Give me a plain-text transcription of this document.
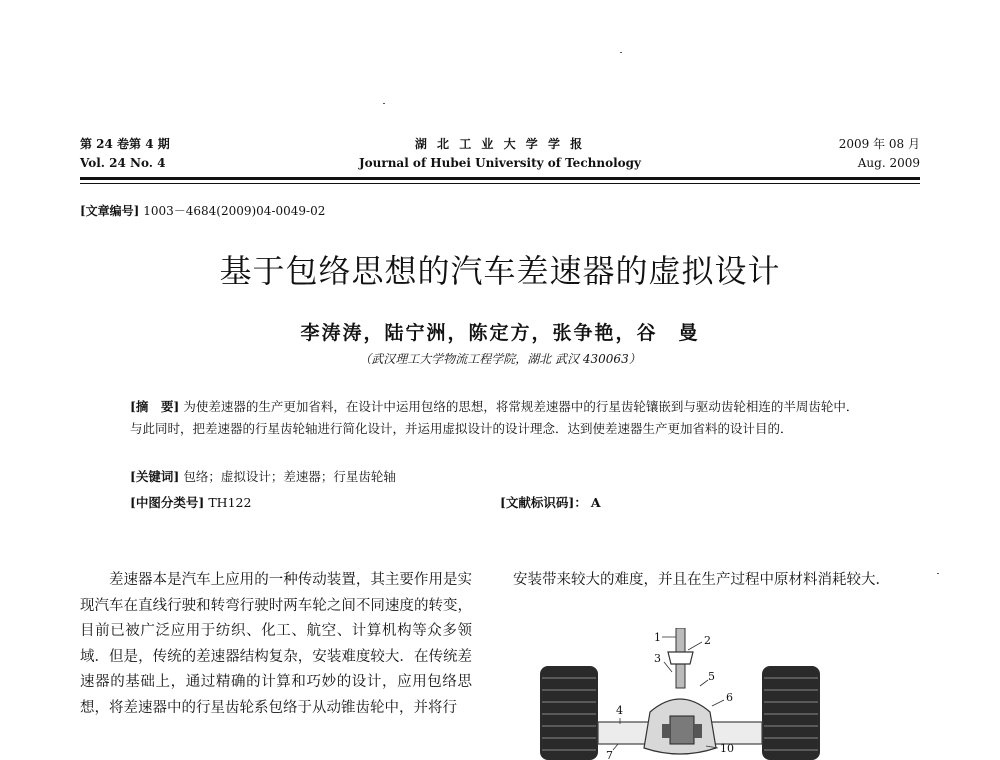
第 24 卷第 4 期
Vol. 24 No. 4
湖 北 工 业 大 学 学 报
Journal of Hubei University of Technology
2009 年 08 月
Aug. 2009
[文章编号] 1003－4684(2009)04-0049-02
基于包络思想的汽车差速器的虚拟设计
李涛涛，陆宁洲，陈定方，张争艳，谷　曼
（武汉理工大学物流工程学院，湖北 武汉 430063）
[摘　要] 为使差速器的生产更加省料，在设计中运用包络的思想，将常规差速器中的行星齿轮镶嵌到与驱动齿轮相连的半周齿轮中．与此同时，把差速器的行星齿轮轴进行简化设计，并运用虚拟设计的设计理念．达到使差速器生产更加省料的设计目的．
[关键词] 包络；虚拟设计；差速器；行星齿轮轴
[中图分类号] TH122	[文献标识码]： A
差速器本是汽车上应用的一种传动装置，其主要作用是实现汽车在直线行驶和转弯行驶时两车轮之间不同速度的转变，目前已被广泛应用于纺织、化工、航空、计算机构等众多领域．但是，传统的差速器结构复杂，安装难度较大．在传统差速器的基础上，通过精确的计算和巧妙的设计，应用包络思想，将差速器中的行星齿轮系包络于从动锥齿轮中，并将行
安装带来较大的难度，并且在生产过程中原材料消耗较大．
1	2
3
5
6
4
7
10
